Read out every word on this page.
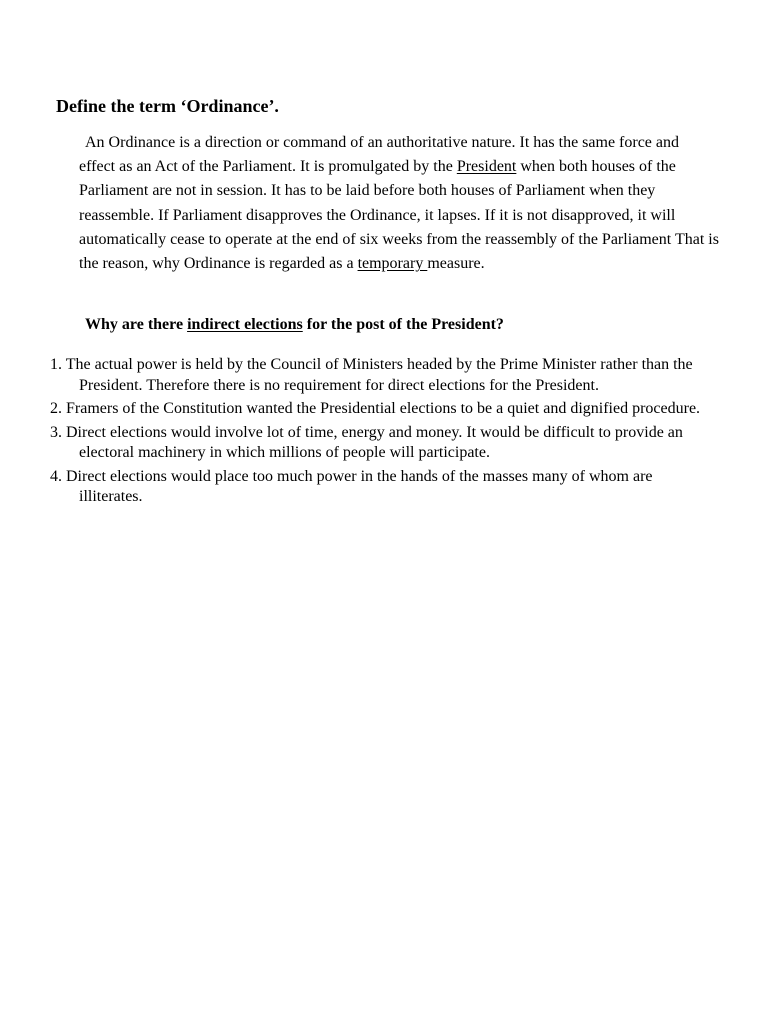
Define the term ‘Ordinance’.

An Ordinance is a direction or command of an authoritative nature. It has the same force and effect as an Act of the Parliament. It is promulgated by the President when both houses of the Parliament are not in session. It has to be laid before both houses of Parliament when they reassemble. If Parliament disapproves the Ordinance, it lapses. If it is not disapproved, it will automatically cease to operate at the end of six weeks from the reassembly of the Parliament That is the reason, why Ordinance is regarded as a temporary measure.

Why are there indirect elections for the post of the President?
1. The actual power is held by the Council of Ministers headed by the Prime Minister rather than the President. Therefore there is no requirement for direct elections for the President.
2. Framers of the Constitution wanted the Presidential elections to be a quiet and dignified procedure.
3. Direct elections would involve lot of time, energy and money. It would be difficult to provide an electoral machinery in which millions of people will participate.
4. Direct elections would place too much power in the hands of the masses many of whom are illiterates.
